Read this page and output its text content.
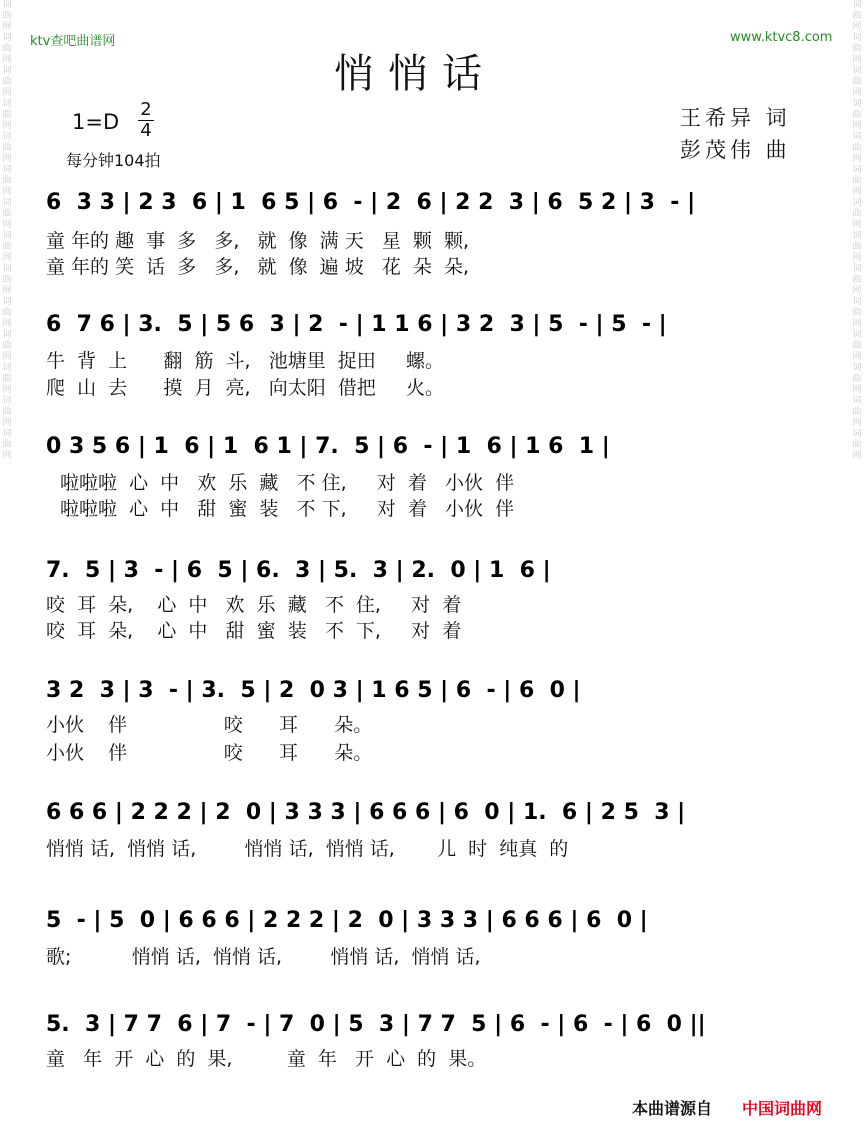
词曲网词曲网词曲网词曲网词曲网词曲网词曲网词曲网词曲网词曲网词曲网词曲网词曲网词曲网
词曲网词曲网词曲网词曲网词曲网词曲网词曲网词曲网词曲网词曲网词曲网词曲网词曲网词曲网
ktv查吧曲谱网	www.ktvc8.com
悄悄话
1=D
2
4
每分钟104拍
王希异 词
彭茂伟 曲
6  3 3 | 2 3  6 | 1  6 5 | 6  - | 2  6 | 2 2  3 | 6  5 2 | 3  - |
童 年的 趣  事  多   多,   就  像  满 天   星  颗  颗,
童 年的 笑  话  多   多,   就  像  遍 坡   花  朵  朵,
6  7 6 | 3.  5 | 5 6  3 | 2  - | 1 1 6 | 3 2  3 | 5  - | 5  - |
牛  背  上      翻  筋  斗,   池塘里  捉田     螺。
爬  山  去      摸  月  亮,   向太阳  借把     火。
0 3 5 6 | 1  6 | 1  6 1 | 7.  5 | 6  - | 1  6 | 1 6  1 |
啦啦啦  心  中   欢  乐  藏   不 住,     对  着   小伙  伴
啦啦啦  心  中   甜  蜜  装   不 下,     对  着   小伙  伴
7.  5 | 3  - | 6  5 | 6.  3 | 5.  3 | 2.  0 | 1  6 |
咬  耳  朵,    心  中   欢  乐  藏   不  住,     对  着
咬  耳  朵,    心  中   甜  蜜  装   不  下,     对  着
3 2  3 | 3  - | 3.  5 | 2  0 3 | 1 6 5 | 6  - | 6  0 |
小伙    伴                咬      耳      朵。
小伙    伴                咬      耳      朵。
6 6 6 | 2 2 2 | 2  0 | 3 3 3 | 6 6 6 | 6  0 | 1.  6 | 2 5  3 |
悄悄 话,  悄悄 话,        悄悄 话,  悄悄 话,       儿  时  纯真  的
5  - | 5  0 | 6 6 6 | 2 2 2 | 2  0 | 3 3 3 | 6 6 6 | 6  0 |
歌;          悄悄 话,  悄悄 话,        悄悄 话,  悄悄 话,
5.  3 | 7 7  6 | 7  - | 7  0 | 5  3 | 7 7  5 | 6  - | 6  - | 6  0 ||
童   年  开  心  的  果,         童  年   开  心  的  果。
本曲谱源自 中国词曲网
